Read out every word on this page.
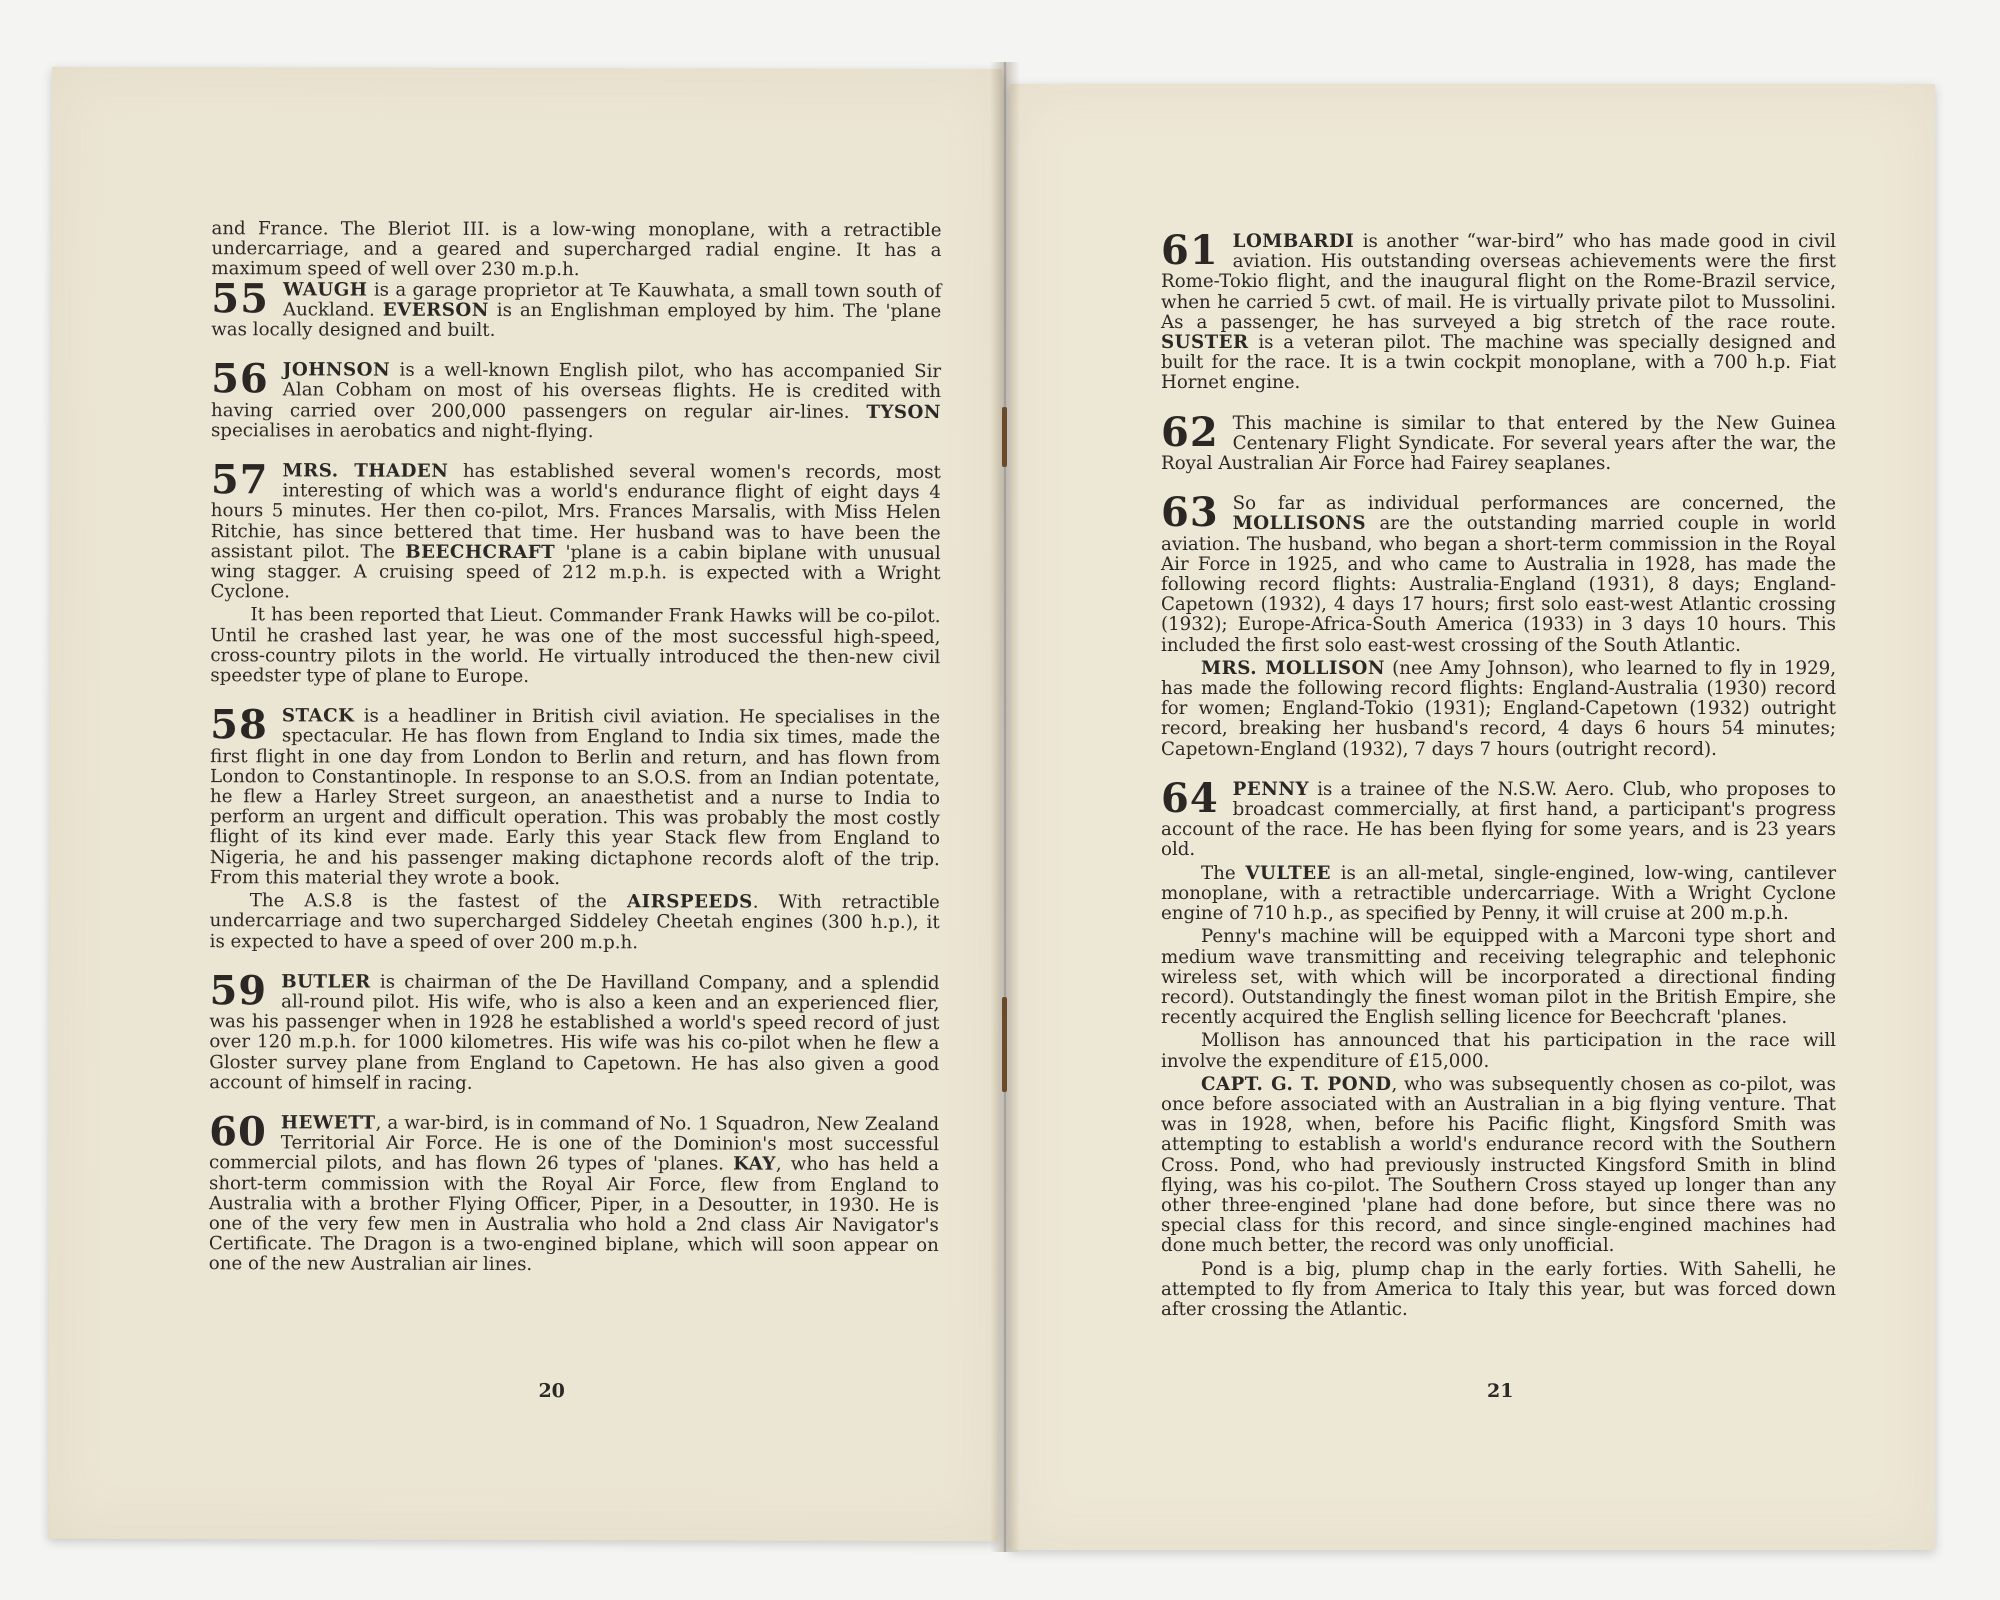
and France. The Bleriot III. is a low-wing monoplane, with a retractible undercarriage, and a geared and supercharged radial engine. It has a maximum speed of well over 230 m.p.h.

55 WAUGH is a garage proprietor at Te Kauwhata, a small town south of Auckland. EVERSON is an Englishman employed by him. The 'plane was locally designed and built.

56 JOHNSON is a well-known English pilot, who has accompanied Sir Alan Cobham on most of his overseas flights. He is credited with having carried over 200,000 passengers on regular air-lines. TYSON specialises in aerobatics and night-flying.

57 MRS. THADEN has established several women's records, most interesting of which was a world's endurance flight of eight days 4 hours 5 minutes. Her then co-pilot, Mrs. Frances Marsalis, with Miss Helen Ritchie, has since bettered that time. Her husband was to have been the assistant pilot. The BEECHCRAFT 'plane is a cabin biplane with unusual wing stagger. A cruising speed of 212 m.p.h. is expected with a Wright Cyclone.

It has been reported that Lieut. Commander Frank Hawks will be co-pilot. Until he crashed last year, he was one of the most successful high-speed, cross-country pilots in the world. He virtually introduced the then-new civil speedster type of plane to Europe.

58 STACK is a headliner in British civil aviation. He specialises in the spectacular. He has flown from England to India six times, made the first flight in one day from London to Berlin and return, and has flown from London to Constantinople. In response to an S.O.S. from an Indian potentate, he flew a Harley Street surgeon, an anaesthetist and a nurse to India to perform an urgent and difficult operation. This was probably the most costly flight of its kind ever made. Early this year Stack flew from England to Nigeria, he and his passenger making dictaphone records aloft of the trip. From this material they wrote a book.

The A.S.8 is the fastest of the AIRSPEEDS. With retractible undercarriage and two supercharged Siddeley Cheetah engines (300 h.p.), it is expected to have a speed of over 200 m.p.h.

59 BUTLER is chairman of the De Havilland Company, and a splendid all-round pilot. His wife, who is also a keen and an experienced flier, was his passenger when in 1928 he established a world's speed record of just over 120 m.p.h. for 1000 kilometres. His wife was his co-pilot when he flew a Gloster survey plane from England to Capetown. He has also given a good account of himself in racing.

60 HEWETT, a war-bird, is in command of No. 1 Squadron, New Zealand Territorial Air Force. He is one of the Dominion's most successful commercial pilots, and has flown 26 types of 'planes. KAY, who has held a short-term commission with the Royal Air Force, flew from England to Australia with a brother Flying Officer, Piper, in a Desoutter, in 1930. He is one of the very few men in Australia who hold a 2nd class Air Navigator's Certificate. The Dragon is a two-engined biplane, which will soon appear on one of the new Australian air lines.

20
61 LOMBARDI is another “war-bird” who has made good in civil aviation. His outstanding overseas achievements were the first Rome-Tokio flight, and the inaugural flight on the Rome-Brazil service, when he carried 5 cwt. of mail. He is virtually private pilot to Mussolini. As a passenger, he has surveyed a big stretch of the race route. SUSTER is a veteran pilot. The machine was specially designed and built for the race. It is a twin cockpit monoplane, with a 700 h.p. Fiat Hornet engine.

62 This machine is similar to that entered by the New Guinea Centenary Flight Syndicate. For several years after the war, the Royal Australian Air Force had Fairey seaplanes.

63 So far as individual performances are concerned, the MOLLISONS are the outstanding married couple in world aviation. The husband, who began a short-term commission in the Royal Air Force in 1925, and who came to Australia in 1928, has made the following record flights: Australia-England (1931), 8 days; England-Capetown (1932), 4 days 17 hours; first solo east-west Atlantic crossing (1932); Europe-Africa-South America (1933) in 3 days 10 hours. This included the first solo east-west crossing of the South Atlantic.

MRS. MOLLISON (nee Amy Johnson), who learned to fly in 1929, has made the following record flights: England-Australia (1930) record for women; England-Tokio (1931); England-Capetown (1932) outright record, breaking her husband's record, 4 days 6 hours 54 minutes; Capetown-England (1932), 7 days 7 hours (outright record).

64 PENNY is a trainee of the N.S.W. Aero. Club, who proposes to broadcast commercially, at first hand, a participant's progress account of the race. He has been flying for some years, and is 23 years old.

The VULTEE is an all-metal, single-engined, low-wing, cantilever monoplane, with a retractible undercarriage. With a Wright Cyclone engine of 710 h.p., as specified by Penny, it will cruise at 200 m.p.h.

Penny's machine will be equipped with a Marconi type short and medium wave transmitting and receiving telegraphic and telephonic wireless set, with which will be incorporated a directional finding record). Outstandingly the finest woman pilot in the British Empire, she recently acquired the English selling licence for Beechcraft 'planes.

Mollison has announced that his participation in the race will involve the expenditure of £15,000.

CAPT. G. T. POND, who was subsequently chosen as co-pilot, was once before associated with an Australian in a big flying venture. That was in 1928, when, before his Pacific flight, Kingsford Smith was attempting to establish a world's endurance record with the Southern Cross. Pond, who had previously instructed Kingsford Smith in blind flying, was his co-pilot. The Southern Cross stayed up longer than any other three-engined 'plane had done before, but since there was no special class for this record, and since single-engined machines had done much better, the record was only unofficial.

Pond is a big, plump chap in the early forties. With Sahelli, he attempted to fly from America to Italy this year, but was forced down after crossing the Atlantic.

21
